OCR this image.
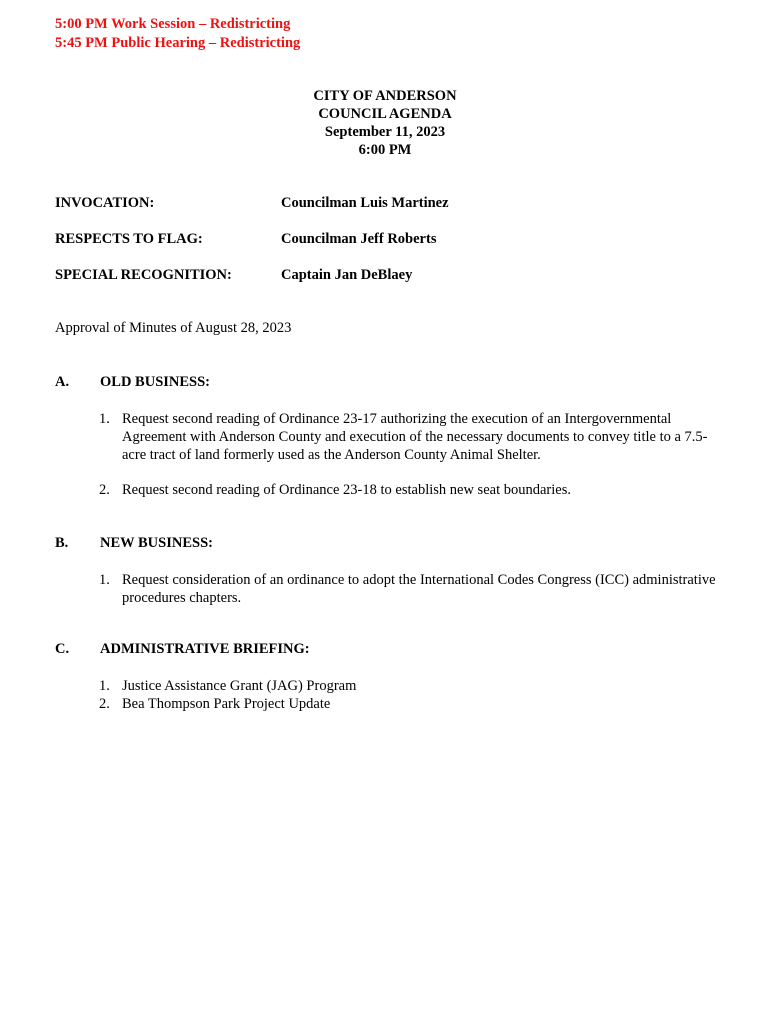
5:00 PM Work Session – Redistricting
5:45 PM Public Hearing – Redistricting
CITY OF ANDERSON
COUNCIL AGENDA
September 11, 2023
6:00 PM
INVOCATION:	Councilman Luis Martinez
RESPECTS TO FLAG:	Councilman Jeff Roberts
SPECIAL RECOGNITION:	Captain Jan DeBlaey
Approval of Minutes of August 28, 2023
A. OLD BUSINESS:
1. Request second reading of Ordinance 23-17 authorizing the execution of an Intergovernmental Agreement with Anderson County and execution of the necessary documents to convey title to a 7.5-acre tract of land formerly used as the Anderson County Animal Shelter.
2. Request second reading of Ordinance 23-18 to establish new seat boundaries.
B. NEW BUSINESS:
1. Request consideration of an ordinance to adopt the International Codes Congress (ICC) administrative procedures chapters.
C. ADMINISTRATIVE BRIEFING:
1. Justice Assistance Grant (JAG) Program
2. Bea Thompson Park Project Update
